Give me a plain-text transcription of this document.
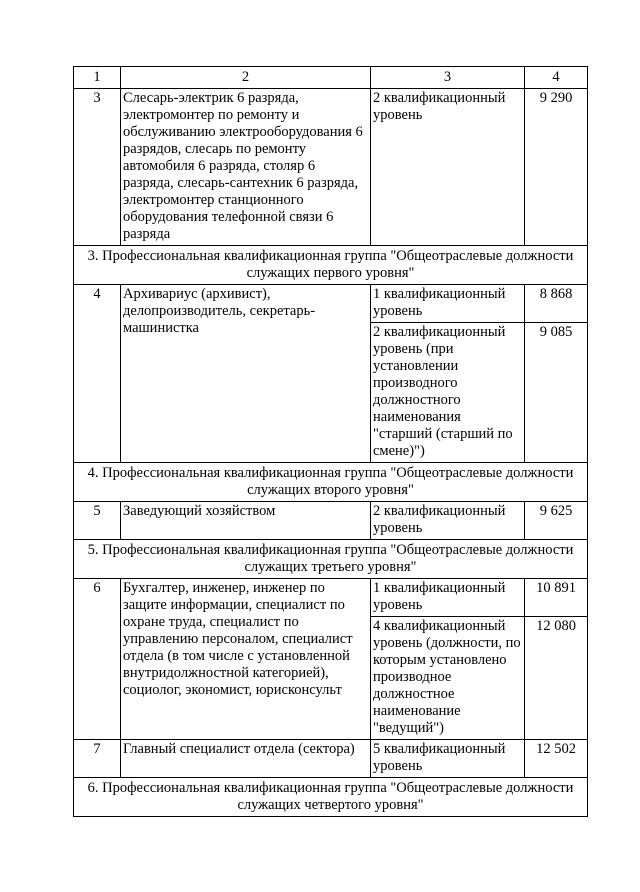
1	2	3	4
3	Слесарь-электрик 6 разряда, электромонтер по ремонту и обслуживанию электрооборудования 6 разрядов, слесарь по ремонту автомобиля 6 разряда, столяр 6 разряда, слесарь-сантехник 6 разряда, электромонтер станционного оборудования телефонной связи 6 разряда	2 квалификационный уровень	9 290
3. Профессиональная квалификационная группа "Общеотраслевые должности служащих первого уровня"			
4	Архивариус (архивист), делопроизводитель, секретарь-машинистка	1 квалификационный уровень	8 868
		2 квалификационный уровень (при установлении производного должностного наименования "старший (старший по смене)")	9 085
4. Профессиональная квалификационная группа "Общеотраслевые должности служащих второго уровня"			
5	Заведующий хозяйством	2 квалификационный уровень	9 625
5. Профессиональная квалификационная группа "Общеотраслевые должности служащих третьего уровня"			
6	Бухгалтер, инженер, инженер по защите информации, специалист по охране труда, специалист по управлению персоналом, специалист отдела (в том числе с установленной внутридолжностной категорией), социолог, экономист, юрисконсульт	1 квалификационный уровень	10 891
		4 квалификационный уровень (должности, по которым установлено производное должностное наименование "ведущий")	12 080
7	Главный специалист отдела (сектора)	5 квалификационный уровень	12 502
6. Профессиональная квалификационная группа "Общеотраслевые должности служащих четвертого уровня"			
